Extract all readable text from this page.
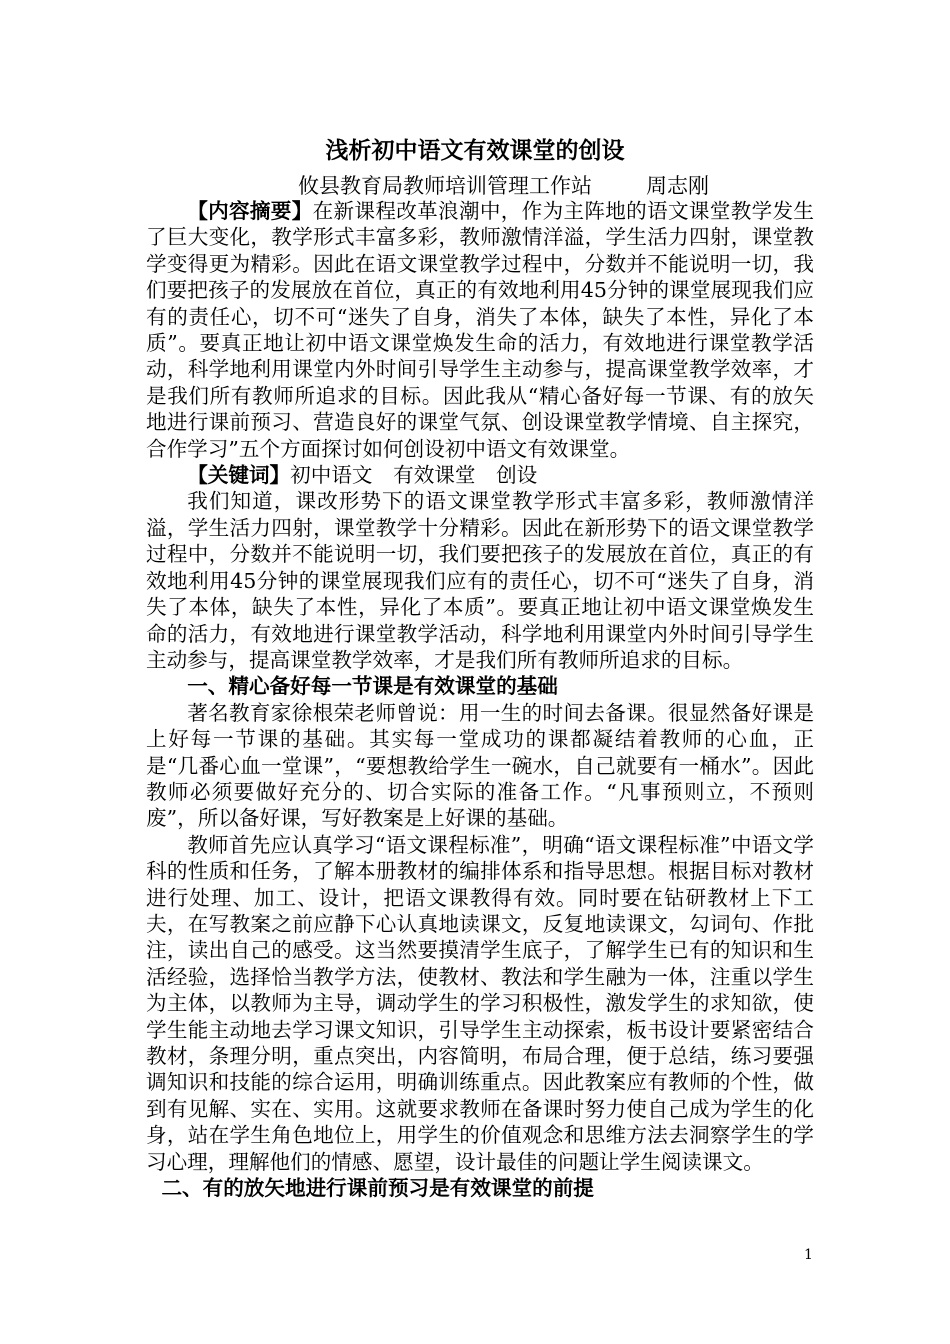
浅析初中语文有效课堂的创设
攸县教育局教师培训管理工作站	周志刚

【内容摘要】在新课程改革浪潮中，作为主阵地的语文课堂教学发生了巨大变化，教学形式丰富多彩，教师激情洋溢，学生活力四射，课堂教学变得更为精彩。因此在语文课堂教学过程中，分数并不能说明一切，我们要把孩子的发展放在首位，真正的有效地利用45分钟的课堂展现我们应有的责任心，切不可“迷失了自身，消失了本体，缺失了本性，异化了本质”。要真正地让初中语文课堂焕发生命的活力，有效地进行课堂教学活动，科学地利用课堂内外时间引导学生主动参与，提高课堂教学效率，才是我们所有教师所追求的目标。因此我从“精心备好每一节课、有的放矢地进行课前预习、营造良好的课堂气氛、创设课堂教学情境、自主探究，合作学习”五个方面探讨如何创设初中语文有效课堂。

【关键词】初中语文　有效课堂　创设

我们知道，课改形势下的语文课堂教学形式丰富多彩，教师激情洋溢，学生活力四射，课堂教学十分精彩。因此在新形势下的语文课堂教学过程中，分数并不能说明一切，我们要把孩子的发展放在首位，真正的有效地利用45分钟的课堂展现我们应有的责任心，切不可“迷失了自身，消失了本体，缺失了本性，异化了本质”。要真正地让初中语文课堂焕发生命的活力，有效地进行课堂教学活动，科学地利用课堂内外时间引导学生主动参与，提高课堂教学效率，才是我们所有教师所追求的目标。

一、精心备好每一节课是有效课堂的基础

著名教育家徐根荣老师曾说：用一生的时间去备课。很显然备好课是上好每一节课的基础。其实每一堂成功的课都凝结着教师的心血，正是“几番心血一堂课”，“要想教给学生一碗水，自己就要有一桶水”。因此教师必须要做好充分的、切合实际的准备工作。“凡事预则立，不预则废”，所以备好课，写好教案是上好课的基础。

教师首先应认真学习“语文课程标准”，明确“语文课程标准”中语文学科的性质和任务，了解本册教材的编排体系和指导思想。根据目标对教材进行处理、加工、设计，把语文课教得有效。同时要在钻研教材上下工夫，在写教案之前应静下心认真地读课文，反复地读课文，勾词句、作批注，读出自己的感受。这当然要摸清学生底子，了解学生已有的知识和生活经验，选择恰当教学方法，使教材、教法和学生融为一体，注重以学生为主体，以教师为主导，调动学生的学习积极性，激发学生的求知欲，使学生能主动地去学习课文知识，引导学生主动探索，板书设计要紧密结合教材，条理分明，重点突出，内容简明，布局合理，便于总结，练习要强调知识和技能的综合运用，明确训练重点。因此教案应有教师的个性，做到有见解、实在、实用。这就要求教师在备课时努力使自己成为学生的化身，站在学生角色地位上，用学生的价值观念和思维方法去洞察学生的学习心理，理解他们的情感、愿望，设计最佳的问题让学生阅读课文。

二、有的放矢地进行课前预习是有效课堂的前提

1
